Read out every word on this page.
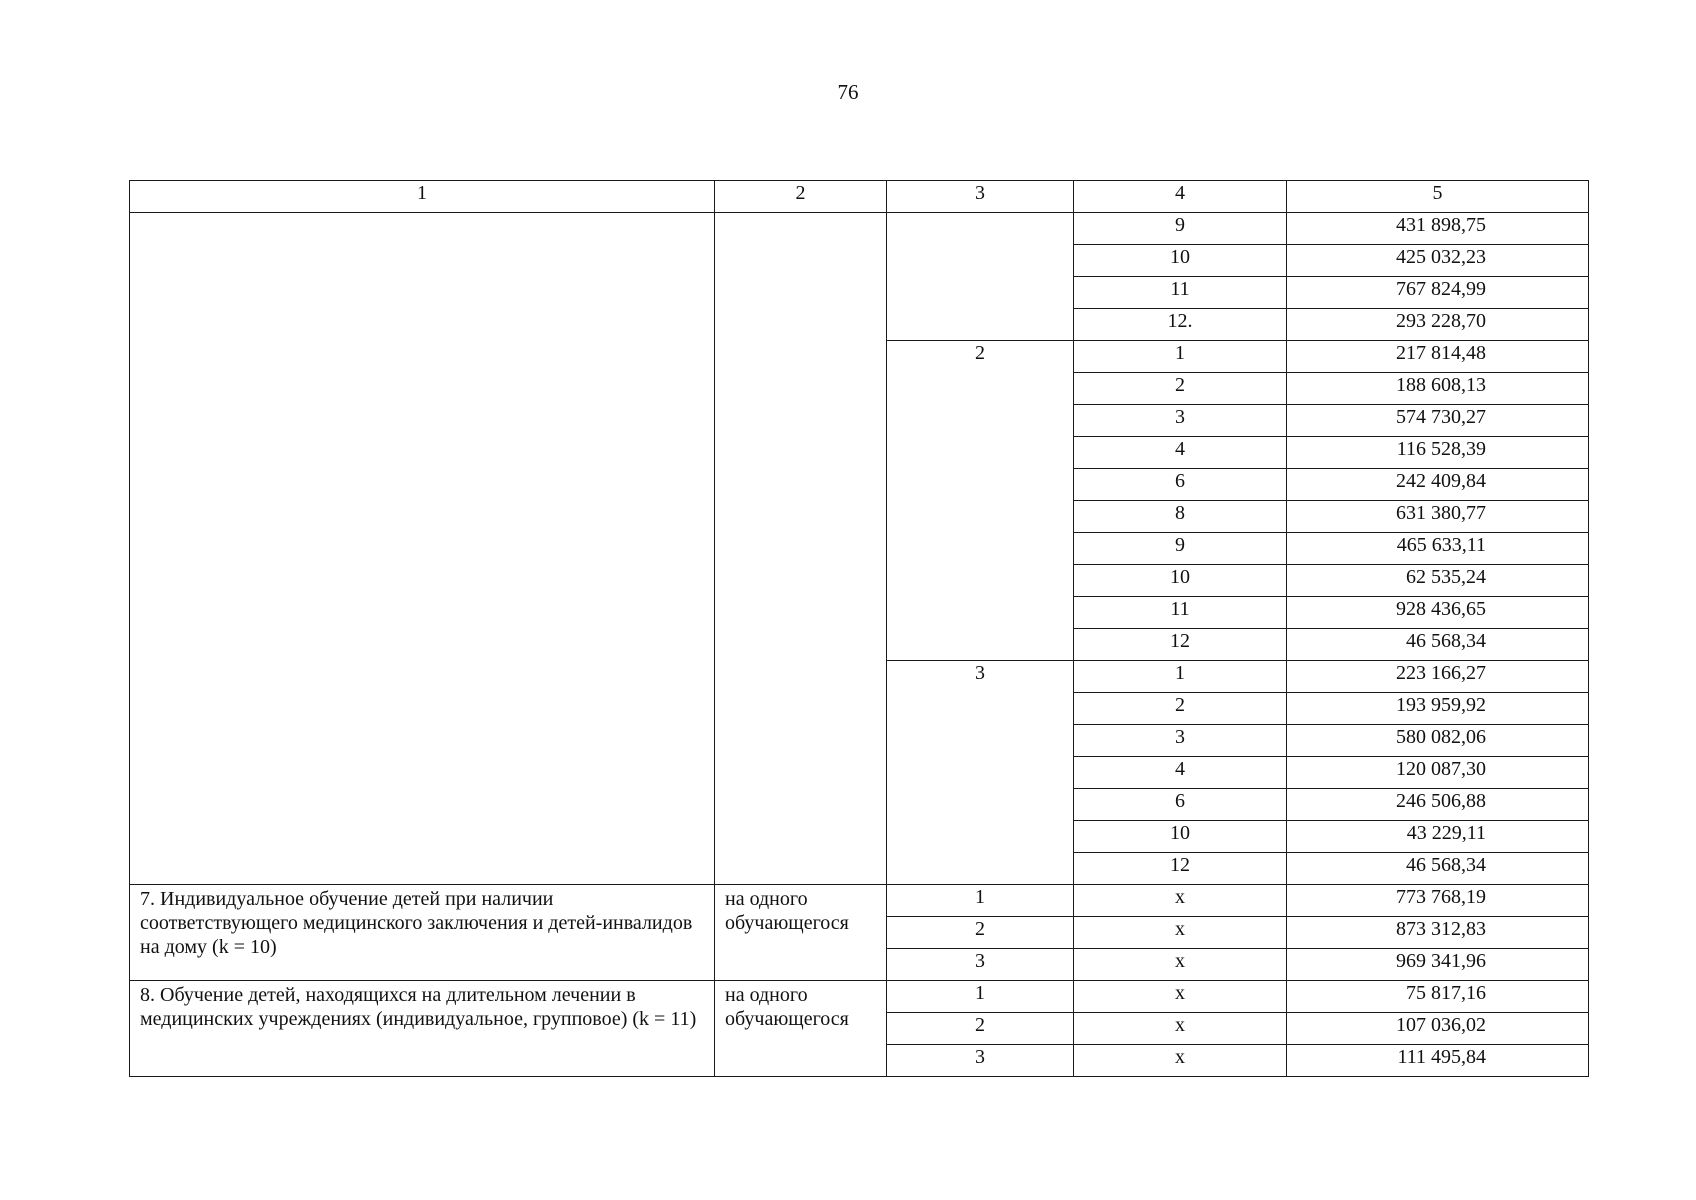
76
1	2	3	4	5
			9	431 898,75
			10	425 032,23
			11	767 824,99
			12.	293 228,70
		2	1	217 814,48
			2	188 608,13
			3	574 730,27
			4	116 528,39
			6	242 409,84
			8	631 380,77
			9	465 633,11
			10	62 535,24
			11	928 436,65
			12	46 568,34
		3	1	223 166,27
			2	193 959,92
			3	580 082,06
			4	120 087,30
			6	246 506,88
			10	43 229,11
			12	46 568,34
7. Индивидуальное обучение детей при наличии соответствующего медицинского заключения и детей-инвалидов на дому (k = 10)	на одного обучающегося	1	х	773 768,19
		2	х	873 312,83
		3	х	969 341,96
8. Обучение детей, находящихся на длительном лечении в медицинских учреждениях (индивидуальное, групповое) (k = 11)	на одного обучающегося	1	х	75 817,16
		2	х	107 036,02
		3	х	111 495,84
